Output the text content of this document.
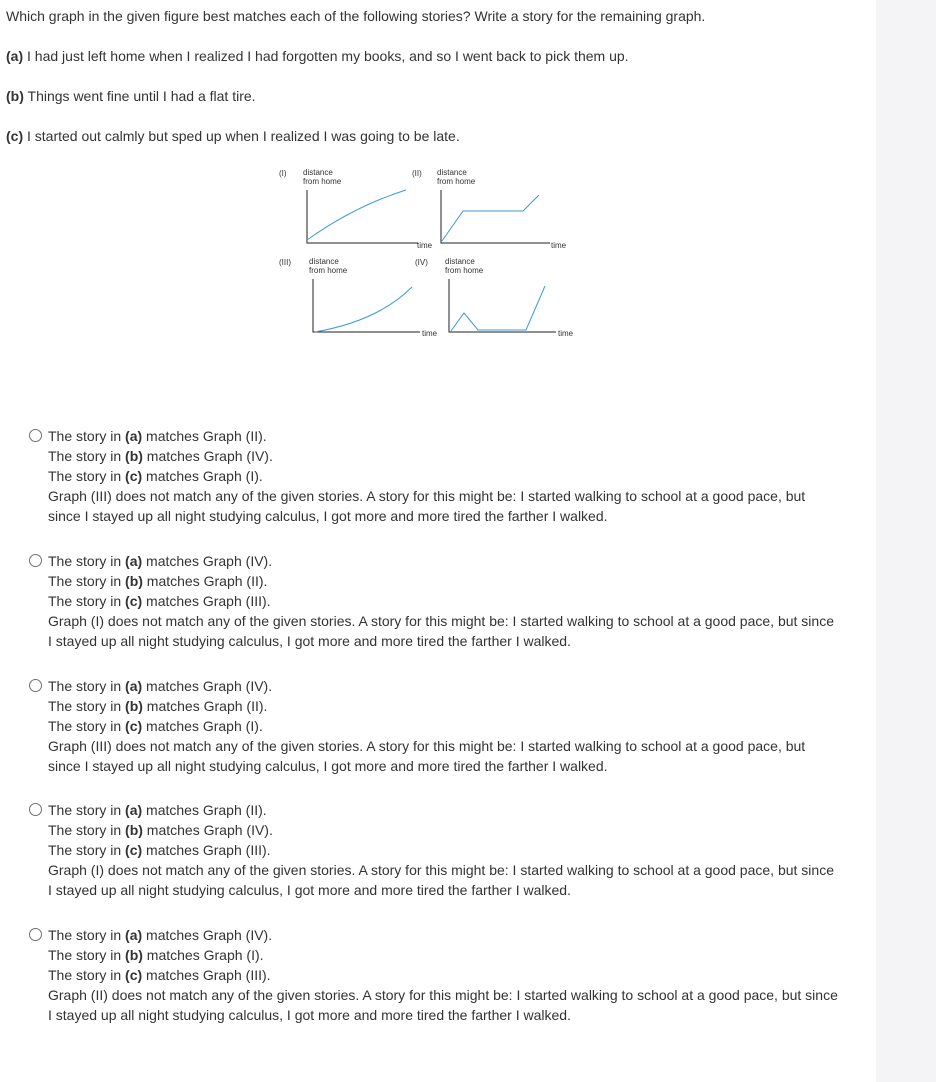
Which graph in the given figure best matches each of the following stories? Write a story for the remaining graph.
(a) I had just left home when I realized I had forgotten my books, and so I went back to pick them up.
(b) Things went fine until I had a flat tire.
(c) I started out calmly but sped up when I realized I was going to be late.
(I) distance
from home
time
(II) distance
from home
time
(III) distance
from home
time
(IV) distance
from home
time
The story in (a) matches Graph (II).
The story in (b) matches Graph (IV).
The story in (c) matches Graph (I).
Graph (III) does not match any of the given stories. A story for this might be: I started walking to school at a good pace, but since I stayed up all night studying calculus, I got more and more tired the farther I walked.
The story in (a) matches Graph (IV).
The story in (b) matches Graph (II).
The story in (c) matches Graph (III).
Graph (I) does not match any of the given stories. A story for this might be: I started walking to school at a good pace, but since I stayed up all night studying calculus, I got more and more tired the farther I walked.
The story in (a) matches Graph (IV).
The story in (b) matches Graph (II).
The story in (c) matches Graph (I).
Graph (III) does not match any of the given stories. A story for this might be: I started walking to school at a good pace, but since I stayed up all night studying calculus, I got more and more tired the farther I walked.
The story in (a) matches Graph (II).
The story in (b) matches Graph (IV).
The story in (c) matches Graph (III).
Graph (I) does not match any of the given stories. A story for this might be: I started walking to school at a good pace, but since I stayed up all night studying calculus, I got more and more tired the farther I walked.
The story in (a) matches Graph (IV).
The story in (b) matches Graph (I).
The story in (c) matches Graph (III).
Graph (II) does not match any of the given stories. A story for this might be: I started walking to school at a good pace, but since I stayed up all night studying calculus, I got more and more tired the farther I walked.
